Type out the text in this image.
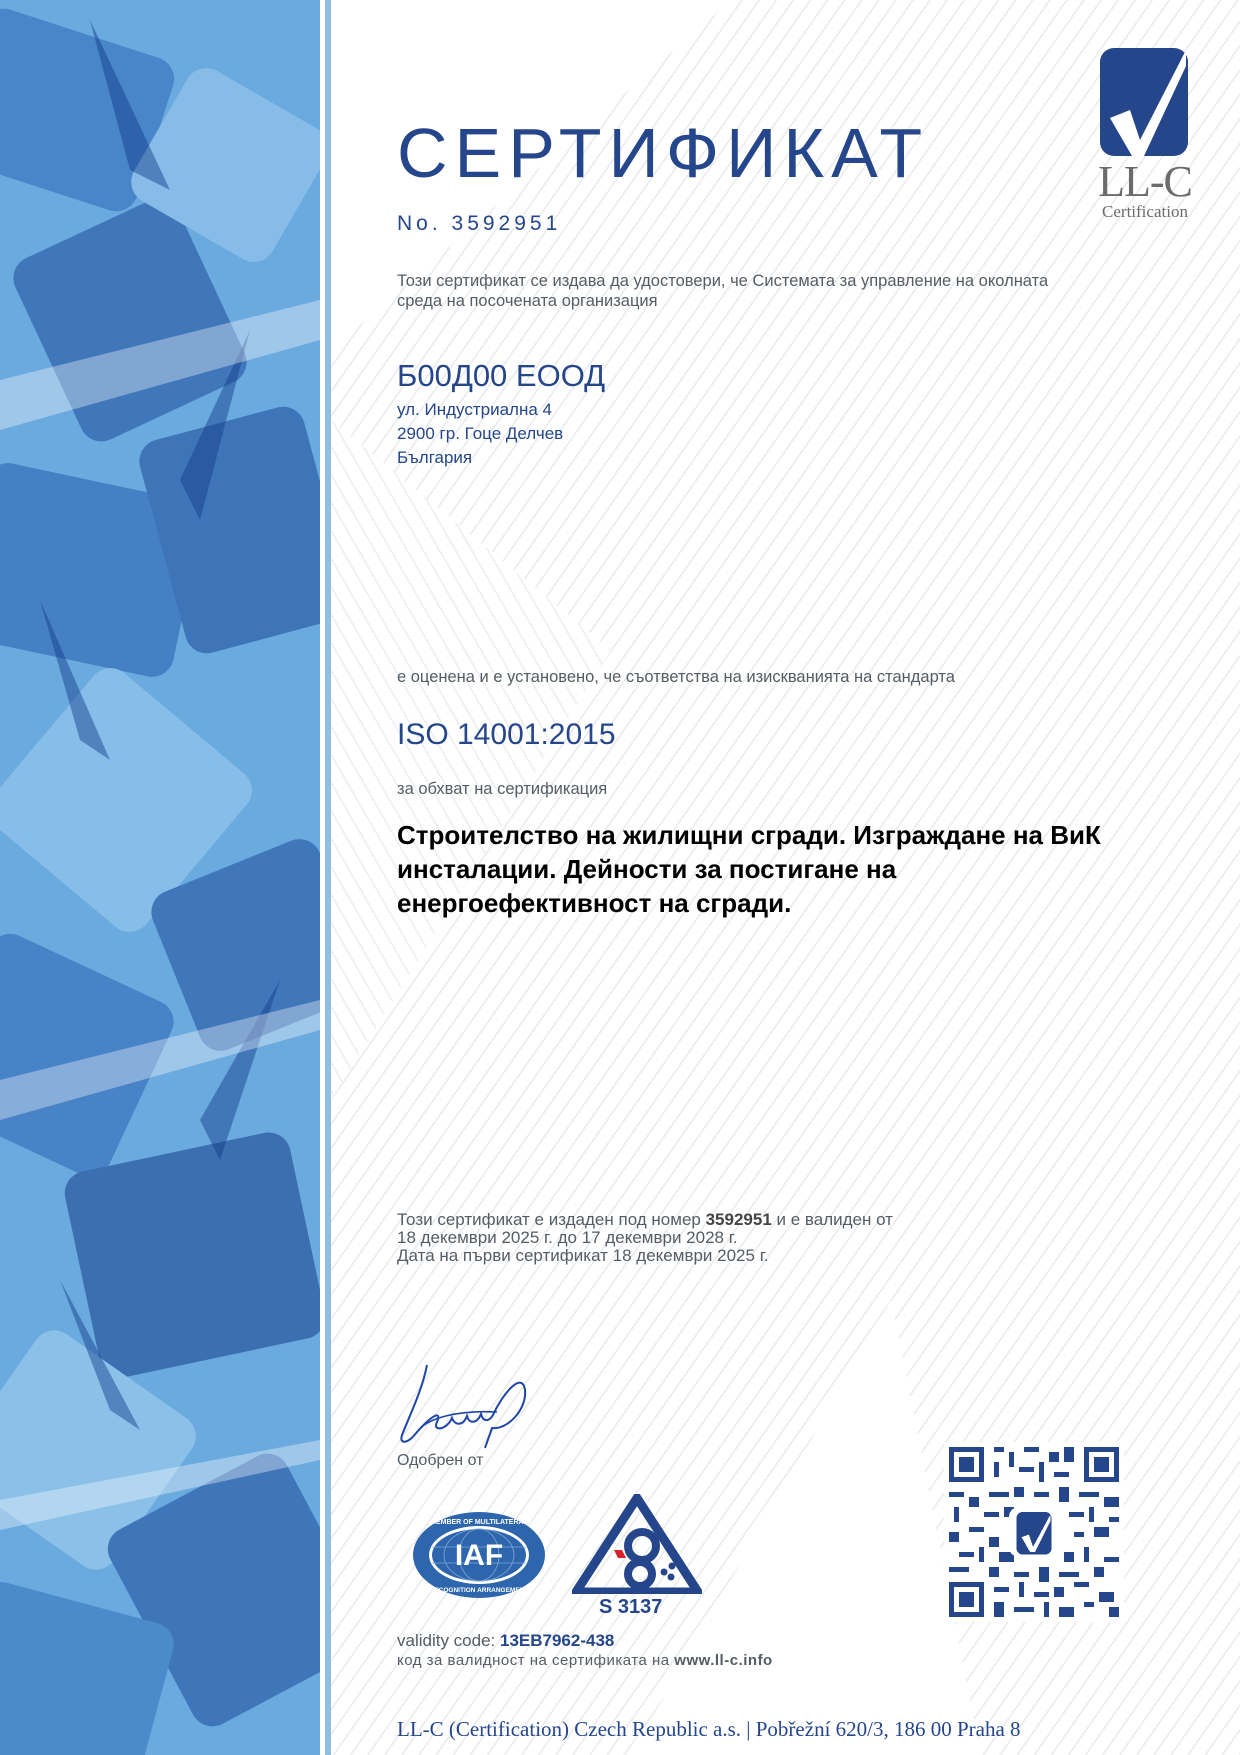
LL-C
Certification
СЕРТИФИКАТ
No. 3592951
Този сертификат се издава да удостовери, че Системата за управление на околната среда на посочената организация
Б00Д00 ЕООД
ул. Индустриална 4
2900 гр. Гоце Делчев
България
е оценена и е установено, че съответства на изискванията на стандарта
ISO 14001:2015
за обхват на сертификация
Строителство на жилищни сгради. Изграждане на ВиК инсталации. Дейности за постигане на енергоефективност на сгради.
Този сертификат е издаден под номер 3592951 и е валиден от
18 декември 2025 г. до 17 декември 2028 г.
Дата на първи сертификат 18 декември 2025 г.
Одобрен от
IAF
MEMBER OF MULTILATERAL
RECOGNITION ARRANGEMENT
S 3137
validity code: 13EB7962-438
код за валидност на сертификата на www.ll-c.info
LL-C (Certification) Czech Republic a.s. | Pobřežní 620/3, 186 00 Praha 8
